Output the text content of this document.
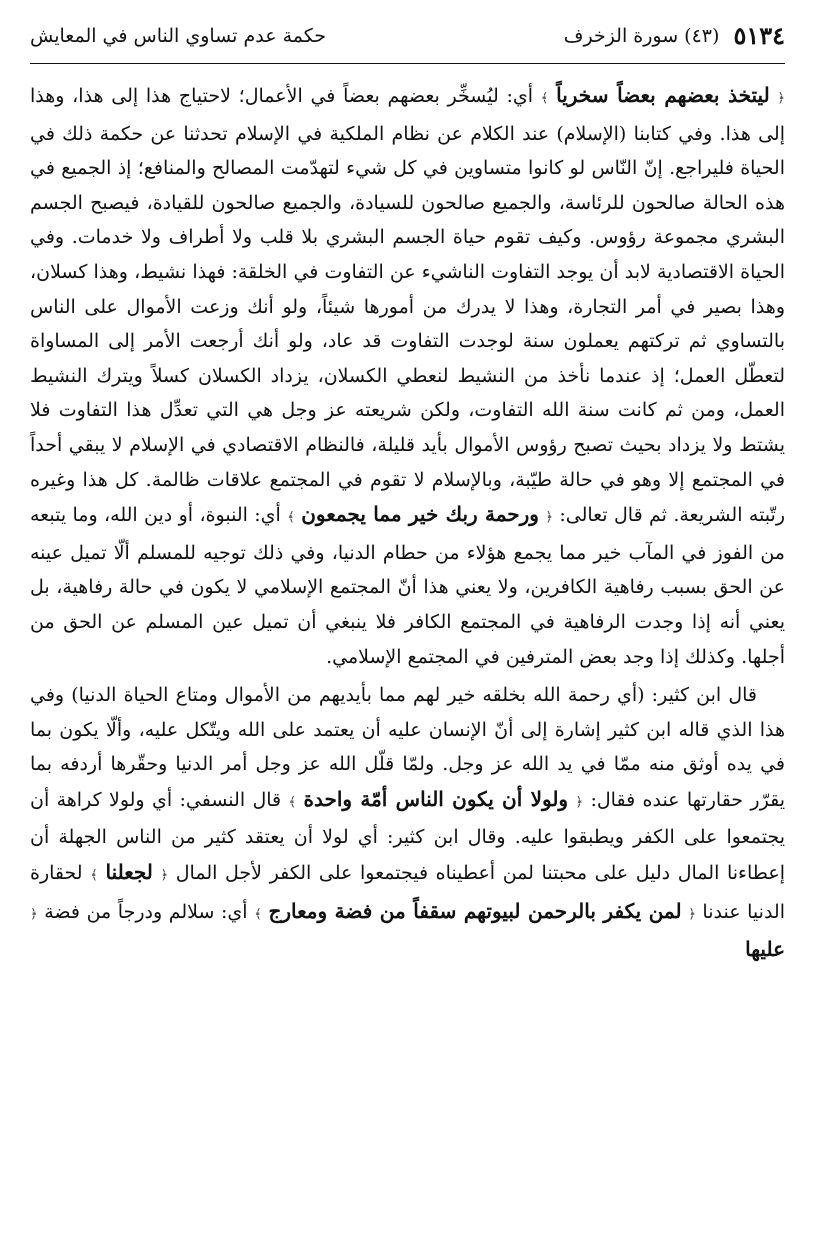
٥١٣٤
(٤٣) سورة الزخرف
حكمة عدم تساوي الناس في المعايش

﴿ ليتخذ بعضهم بعضاً سخرياً ﴾ أي: ليُسخِّر بعضهم بعضاً في الأعمال؛ لاحتياج هذا إلى هذا، وهذا إلى هذا. وفي كتابنا (الإسلام) عند الكلام عن نظام الملكية في الإسلام تحدثنا عن حكمة ذلك في الحياة فليراجع. إنّ النّاس لو كانوا متساوين في كل شيء لتهدّمت المصالح والمنافع؛ إذ الجميع في هذه الحالة صالحون للرئاسة، والجميع صالحون للسيادة، والجميع صالحون للقيادة، فيصبح الجسم البشري مجموعة رؤوس. وكيف تقوم حياة الجسم البشري بلا قلب ولا أطراف ولا خدمات. وفي الحياة الاقتصادية لابد أن يوجد التفاوت الناشيء عن التفاوت في الخلقة: فهذا نشيط، وهذا كسلان، وهذا بصير في أمر التجارة، وهذا لا يدرك من أمورها شيئاً، ولو أنك وزعت الأموال على الناس بالتساوي ثم تركتهم يعملون سنة لوجدت التفاوت قد عاد، ولو أنك أرجعت الأمر إلى المساواة لتعطّل العمل؛ إذ عندما نأخذ من النشيط لنعطي الكسلان، يزداد الكسلان كسلاً ويترك النشيط العمل، ومن ثم كانت سنة الله التفاوت، ولكن شريعته عز وجل هي التي تعدِّل هذا التفاوت فلا يشتط ولا يزداد بحيث تصبح رؤوس الأموال بأيد قليلة، فالنظام الاقتصادي في الإسلام لا يبقي أحداً في المجتمع إلا وهو في حالة طيّبة، وبالإسلام لا تقوم في المجتمع علاقات ظالمة. كل هذا وغيره رتّبته الشريعة. ثم قال تعالى: ﴿ ورحمة ربك خير مما يجمعون ﴾ أي: النبوة، أو دين الله، وما يتبعه من الفوز في المآب خير مما يجمع هؤلاء من حطام الدنيا، وفي ذلك توجيه للمسلم ألّا تميل عينه عن الحق بسبب رفاهية الكافرين، ولا يعني هذا أنّ المجتمع الإسلامي لا يكون في حالة رفاهية، بل يعني أنه إذا وجدت الرفاهية في المجتمع الكافر فلا ينبغي أن تميل عين المسلم عن الحق من أجلها. وكذلك إذا وجد بعض المترفين في المجتمع الإسلامي.

قال ابن كثير: (أي رحمة الله بخلقه خير لهم مما بأيديهم من الأموال ومتاع الحياة الدنيا) وفي هذا الذي قاله ابن كثير إشارة إلى أنّ الإنسان عليه أن يعتمد على الله ويتّكل عليه، وألّا يكون بما في يده أوثق منه ممّا في يد الله عز وجل. ولمّا قلّل الله عز وجل أمر الدنيا وحقّرها أردفه بما يقرّر حقارتها عنده فقال: ﴿ ولولا أن يكون الناس أمّة واحدة ﴾ قال النسفي: أي ولولا كراهة أن يجتمعوا على الكفر ويطبقوا عليه. وقال ابن كثير: أي لولا أن يعتقد كثير من الناس الجهلة أن إعطاءنا المال دليل على محبتنا لمن أعطيناه فيجتمعوا على الكفر لأجل المال ﴿ لجعلنا ﴾ لحقارة الدنيا عندنا ﴿ لمن يكفر بالرحمن لبيوتهم سقفاً من فضة ومعارج ﴾ أي: سلالم ودرجاً من فضة ﴿ عليها
